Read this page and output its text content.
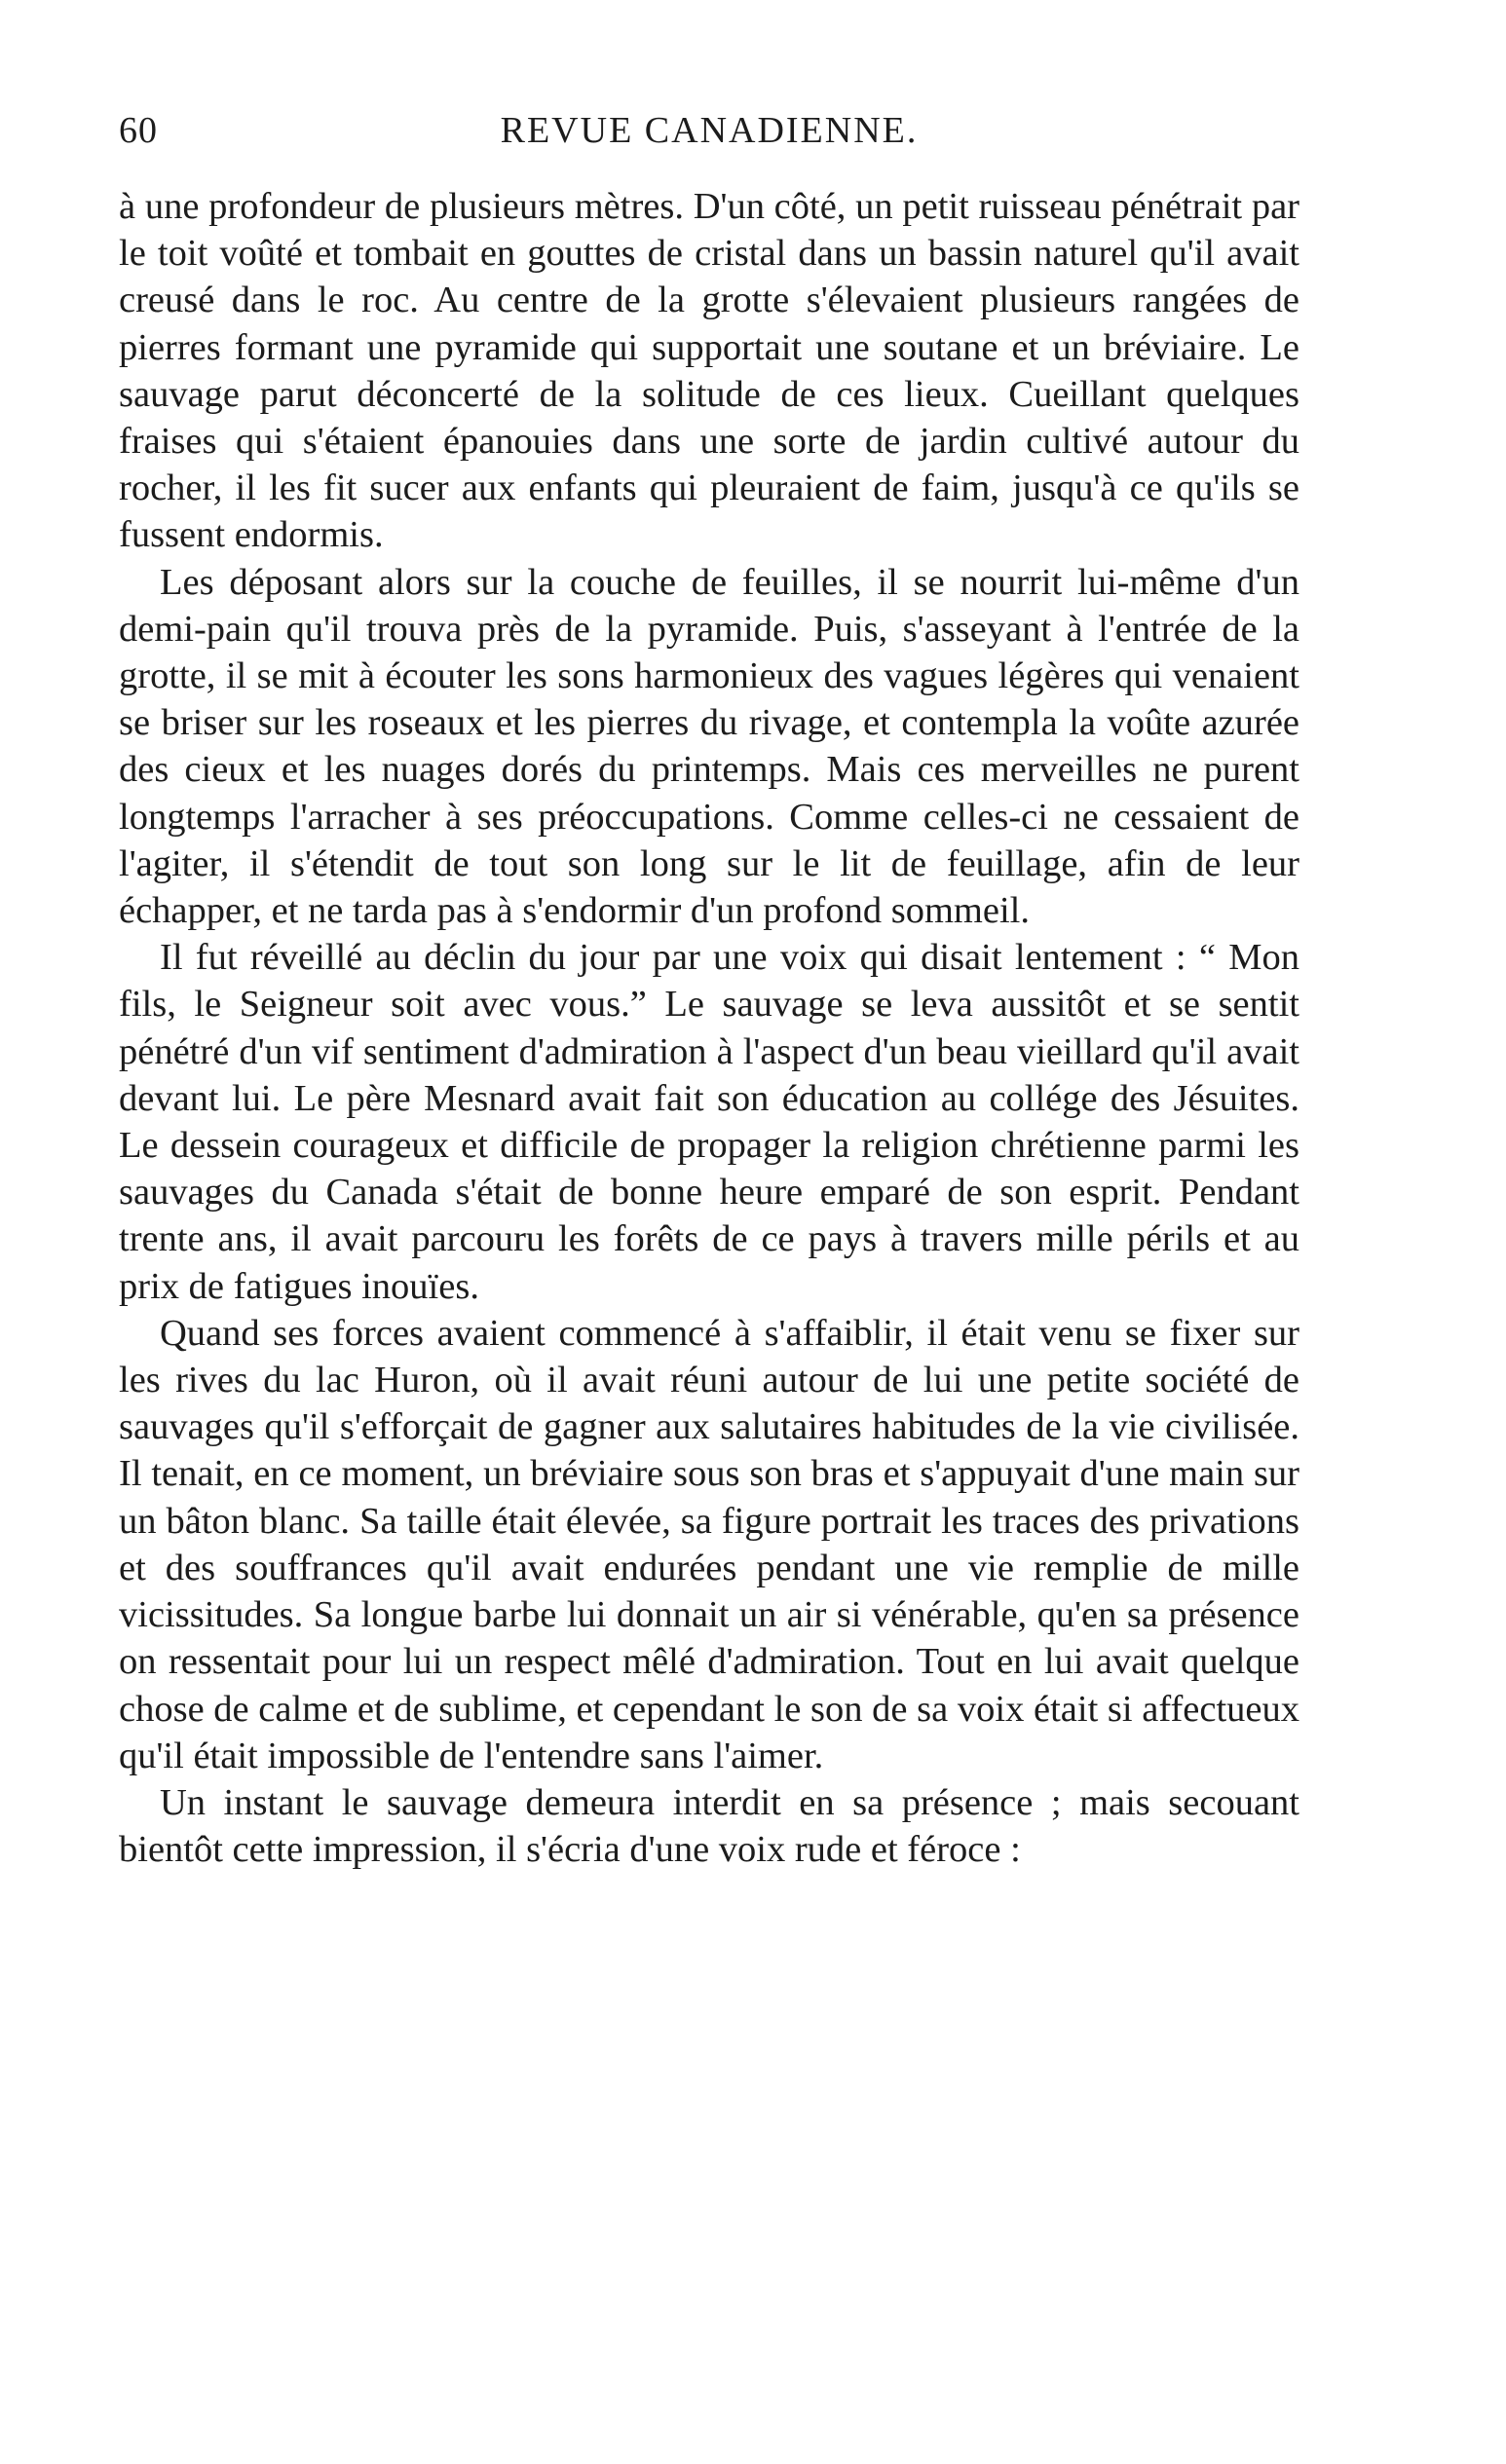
60	REVUE CANADIENNE.

à une profondeur de plusieurs mètres. D'un côté, un petit ruisseau pénétrait par le toit voûté et tombait en gouttes de cristal dans un bassin naturel qu'il avait creusé dans le roc. Au centre de la grotte s'élevaient plusieurs rangées de pierres formant une pyramide qui supportait une soutane et un bréviaire. Le sauvage parut déconcerté de la solitude de ces lieux. Cueillant quelques fraises qui s'étaient épanouies dans une sorte de jardin cultivé autour du rocher, il les fit sucer aux enfants qui pleuraient de faim, jusqu'à ce qu'ils se fussent endormis.

Les déposant alors sur la couche de feuilles, il se nourrit lui-même d'un demi-pain qu'il trouva près de la pyramide. Puis, s'asseyant à l'entrée de la grotte, il se mit à écouter les sons harmonieux des vagues légères qui venaient se briser sur les roseaux et les pierres du rivage, et contempla la voûte azurée des cieux et les nuages dorés du printemps. Mais ces merveilles ne purent longtemps l'arracher à ses préoccupations. Comme celles-ci ne cessaient de l'agiter, il s'étendit de tout son long sur le lit de feuillage, afin de leur échapper, et ne tarda pas à s'endormir d'un profond sommeil.

Il fut réveillé au déclin du jour par une voix qui disait lentement : “ Mon fils, le Seigneur soit avec vous.” Le sauvage se leva aussitôt et se sentit pénétré d'un vif sentiment d'admiration à l'aspect d'un beau vieillard qu'il avait devant lui. Le père Mesnard avait fait son éducation au collége des Jésuites. Le dessein courageux et difficile de propager la religion chrétienne parmi les sauvages du Canada s'était de bonne heure emparé de son esprit. Pendant trente ans, il avait parcouru les forêts de ce pays à travers mille périls et au prix de fatigues inouïes.

Quand ses forces avaient commencé à s'affaiblir, il était venu se fixer sur les rives du lac Huron, où il avait réuni autour de lui une petite société de sauvages qu'il s'efforçait de gagner aux salutaires habitudes de la vie civilisée. Il tenait, en ce moment, un bréviaire sous son bras et s'appuyait d'une main sur un bâton blanc. Sa taille était élevée, sa figure portrait les traces des privations et des souffrances qu'il avait endurées pendant une vie remplie de mille vicissitudes. Sa longue barbe lui donnait un air si vénérable, qu'en sa présence on ressentait pour lui un respect mêlé d'admiration. Tout en lui avait quelque chose de calme et de sublime, et cependant le son de sa voix était si affectueux qu'il était impossible de l'entendre sans l'aimer.

Un instant le sauvage demeura interdit en sa présence ; mais secouant bientôt cette impression, il s'écria d'une voix rude et féroce :
